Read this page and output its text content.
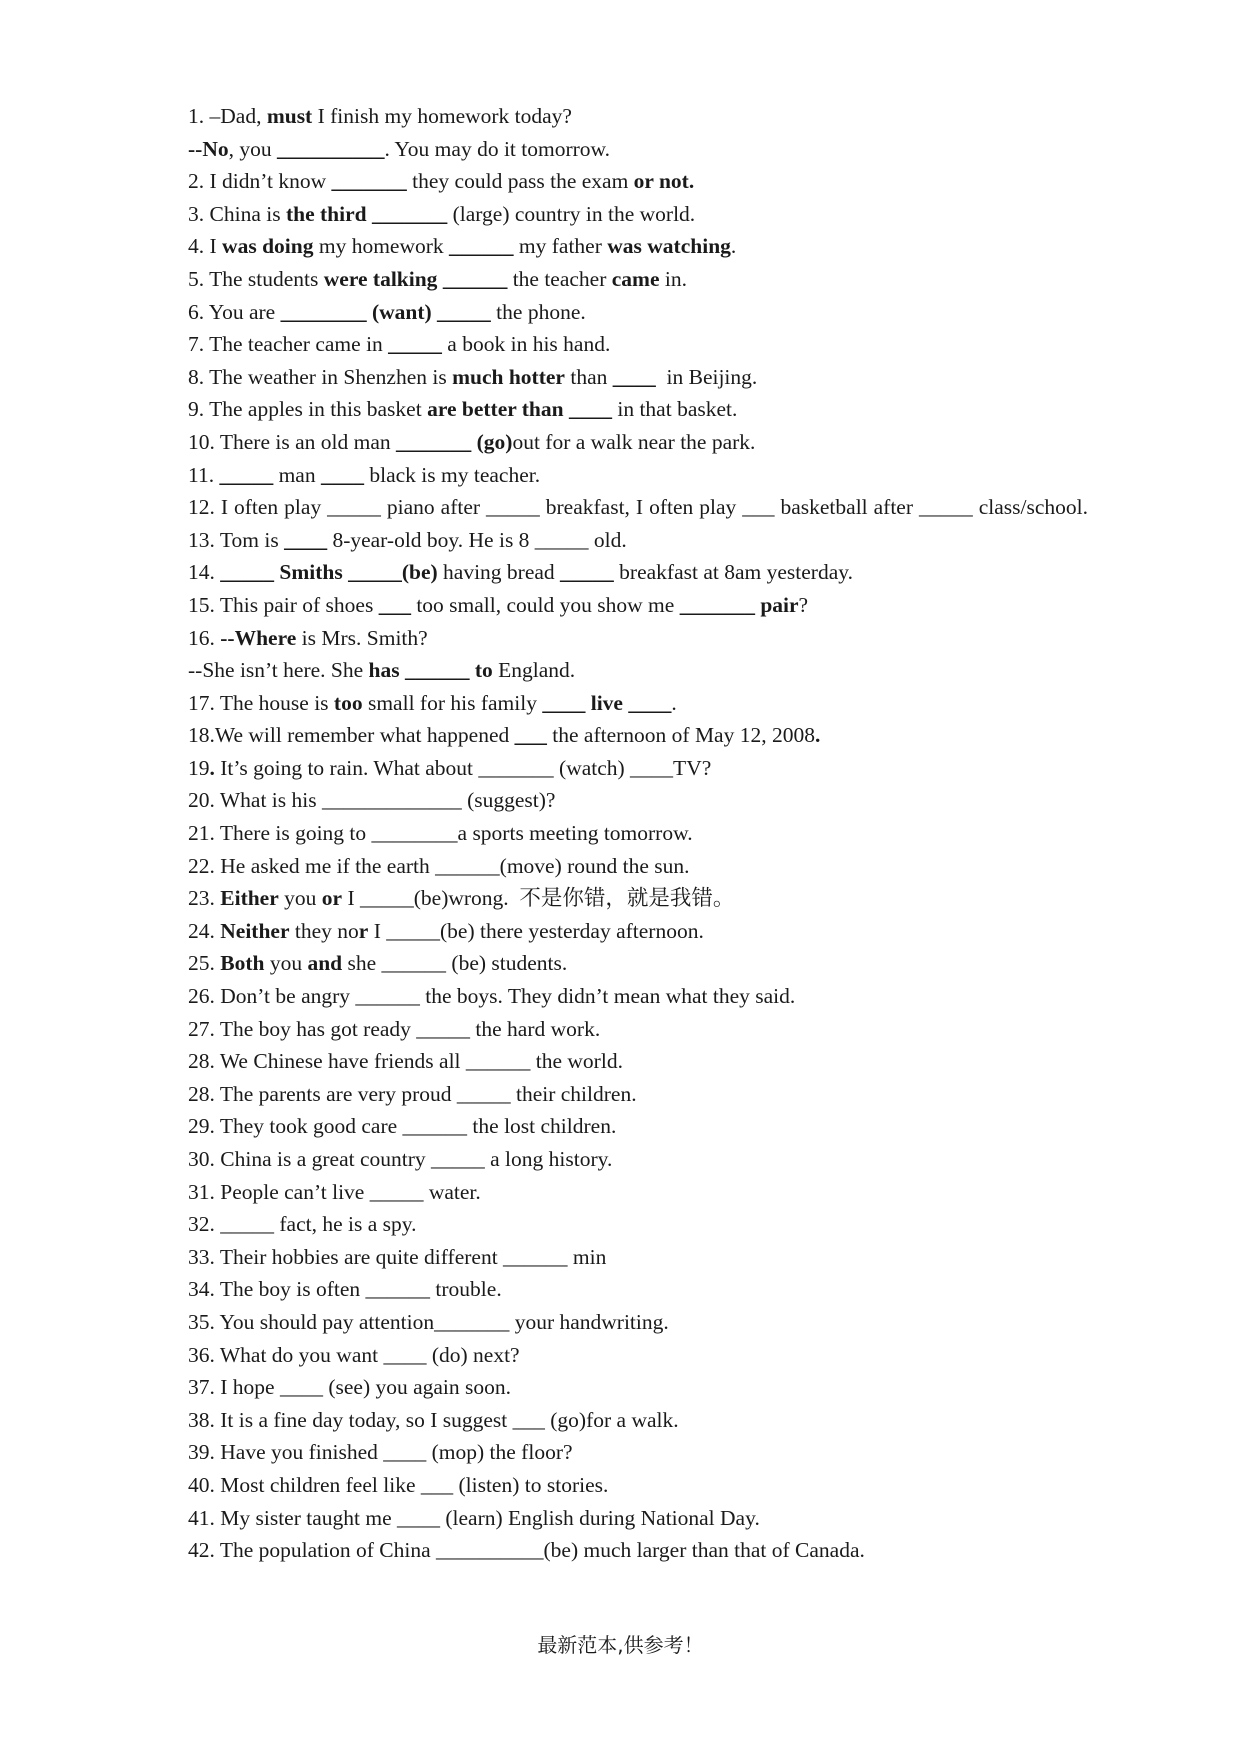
1. –Dad, must I finish my homework today?
--No, you __________. You may do it tomorrow.
2. I didn’t know _______ they could pass the exam or not.
3. China is the third _______ (large) country in the world.
4. I was doing my homework ______ my father was watching.
5. The students were talking ______ the teacher came in.
6. You are ________ (want) _____ the phone.
7. The teacher came in _____ a book in his hand.
8. The weather in Shenzhen is much hotter than ____  in Beijing.
9. The apples in this basket are better than ____ in that basket.
10. There is an old man _______ (go)out for a walk near the park.
11. _____ man ____ black is my teacher.
12. I often play _____ piano after _____ breakfast, I often play ___ basketball after _____ class/school.
13. Tom is ____ 8-year-old boy. He is 8 _____ old.
14. _____ Smiths _____(be) having bread _____ breakfast at 8am yesterday.
15. This pair of shoes ___ too small, could you show me _______ pair?
16. --Where is Mrs. Smith?
--She isn’t here. She has ______ to England.
17. The house is too small for his family ____ live ____.
18.We will remember what happened ___ the afternoon of May 12, 2008.
19. It’s going to rain. What about _______ (watch) ____TV?
20. What is his _____________ (suggest)?
21. There is going to ________a sports meeting tomorrow.
22. He asked me if the earth ______(move) round the sun.
23. Either you or I _____(be)wrong.  不是你错，就是我错。
24. Neither they nor I _____(be) there yesterday afternoon.
25. Both you and she ______ (be) students.
26. Don’t be angry ______ the boys. They didn’t mean what they said.
27. The boy has got ready _____ the hard work.
28. We Chinese have friends all ______ the world.
28. The parents are very proud _____ their children.
29. They took good care ______ the lost children.
30. China is a great country _____ a long history.
31. People can’t live _____ water.
32. _____ fact, he is a spy.
33. Their hobbies are quite different ______ min
34. The boy is often ______ trouble.
35. You should pay attention_______ your handwriting.
36. What do you want ____ (do) next?
37. I hope ____ (see) you again soon.
38. It is a fine day today, so I suggest ___ (go)for a walk.
39. Have you finished ____ (mop) the floor?
40. Most children feel like ___ (listen) to stories.
41. My sister taught me ____ (learn) English during National Day.
42. The population of China __________(be) much larger than that of Canada.
最新范本,供参考！
